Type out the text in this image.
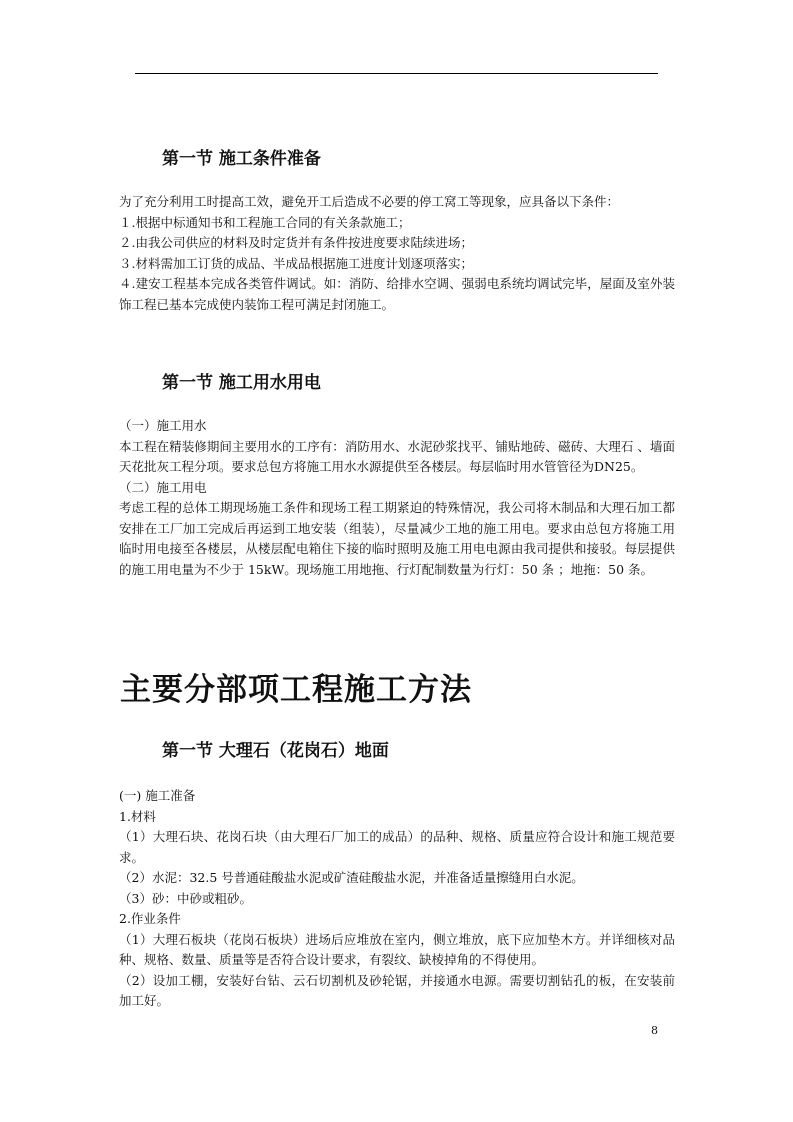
第一节 施工条件准备

为了充分利用工时提高工效，避免开工后造成不必要的停工窝工等现象，应具备以下条件：

１.根据中标通知书和工程施工合同的有关条款施工；

２.由我公司供应的材料及时定货并有条件按进度要求陆续进场；

３.材料需加工订货的成品、半成品根据施工进度计划逐项落实；

４.建安工程基本完成各类管件调试。如：消防、给排水空调、强弱电系统均调试完毕，屋面及室外装饰工程已基本完成使内装饰工程可满足封闭施工。

第一节 施工用水用电

（一）施工用水

本工程在精装修期间主要用水的工序有：消防用水、水泥砂浆找平、铺贴地砖、磁砖、大理石 、墙面天花批灰工程分项。要求总包方将施工用水水源提供至各楼层。每层临时用水管管径为DN25。

（二）施工用电

考虑工程的总体工期现场施工条件和现场工程工期紧迫的特殊情况，我公司将木制品和大理石加工都安排在工厂加工完成后再运到工地安装（组装），尽量减少工地的施工用电。要求由总包方将施工用临时用电接至各楼层，从楼层配电箱住下接的临时照明及施工用电电源由我司提供和接驳。每层提供的施工用电量为不少于 15kW。现场施工用地拖、行灯配制数量为行灯：50 条 ；地拖：50 条。

主要分部项工程施工方法
第一节 大理石（花岗石）地面

(一) 施工准备

1.材料

（1）大理石块、花岗石块（由大理石厂加工的成品）的品种、规格、质量应符合设计和施工规范要求。

（2）水泥：32.5 号普通硅酸盐水泥或矿渣硅酸盐水泥，并准备适量擦缝用白水泥。

（3）砂：中砂或粗砂。

2.作业条件

（1）大理石板块（花岗石板块）进场后应堆放在室内，侧立堆放，底下应加垫木方。并详细核对品种、规格、数量、质量等是否符合设计要求，有裂纹、缺棱掉角的不得使用。

（2）设加工棚，安装好台钻、云石切割机及砂轮锯，并接通水电源。需要切割钻孔的板，在安装前加工好。

8
